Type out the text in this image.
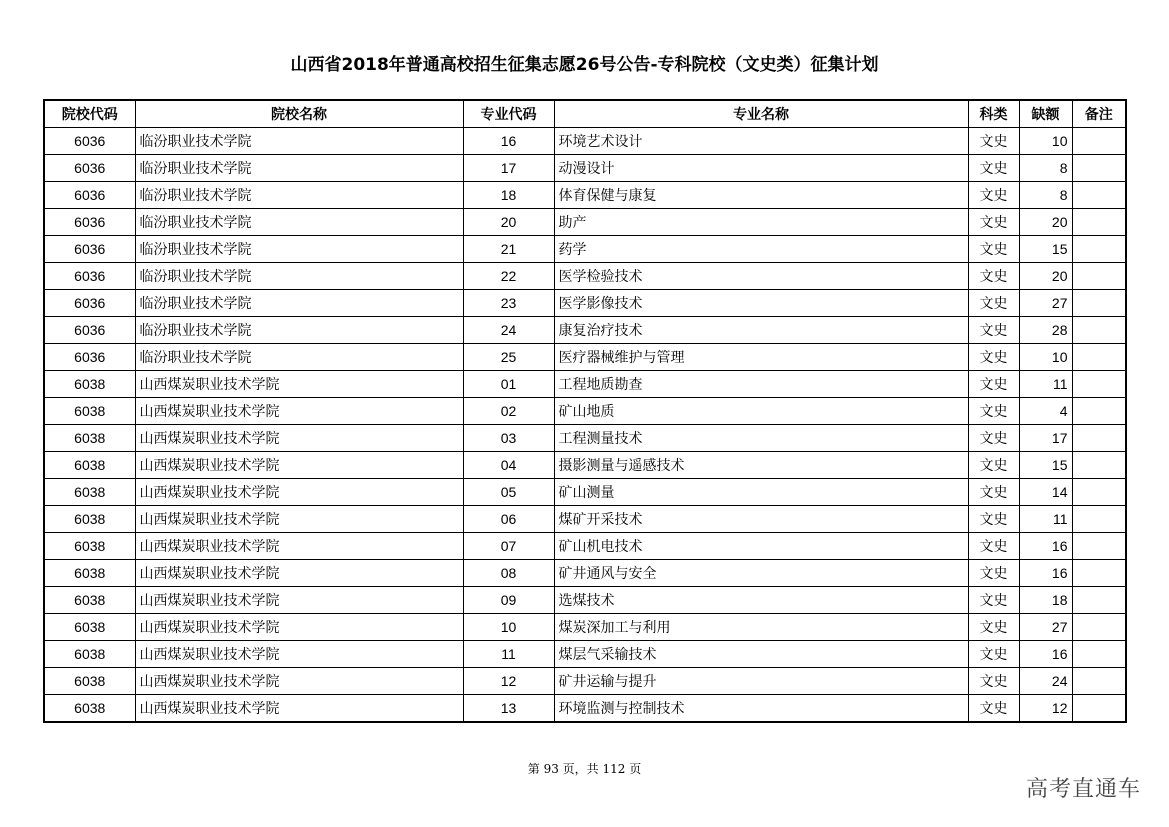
山西省2018年普通高校招生征集志愿26号公告-专科院校（文史类）征集计划
院校代码	院校名称	专业代码	专业名称	科类	缺额	备注
6036	临汾职业技术学院	16	环境艺术设计	文史	10	
6036	临汾职业技术学院	17	动漫设计	文史	8	
6036	临汾职业技术学院	18	体育保健与康复	文史	8	
6036	临汾职业技术学院	20	助产	文史	20	
6036	临汾职业技术学院	21	药学	文史	15	
6036	临汾职业技术学院	22	医学检验技术	文史	20	
6036	临汾职业技术学院	23	医学影像技术	文史	27	
6036	临汾职业技术学院	24	康复治疗技术	文史	28	
6036	临汾职业技术学院	25	医疗器械维护与管理	文史	10	
6038	山西煤炭职业技术学院	01	工程地质勘查	文史	11	
6038	山西煤炭职业技术学院	02	矿山地质	文史	4	
6038	山西煤炭职业技术学院	03	工程测量技术	文史	17	
6038	山西煤炭职业技术学院	04	摄影测量与遥感技术	文史	15	
6038	山西煤炭职业技术学院	05	矿山测量	文史	14	
6038	山西煤炭职业技术学院	06	煤矿开采技术	文史	11	
6038	山西煤炭职业技术学院	07	矿山机电技术	文史	16	
6038	山西煤炭职业技术学院	08	矿井通风与安全	文史	16	
6038	山西煤炭职业技术学院	09	选煤技术	文史	18	
6038	山西煤炭职业技术学院	10	煤炭深加工与利用	文史	27	
6038	山西煤炭职业技术学院	11	煤层气采输技术	文史	16	
6038	山西煤炭职业技术学院	12	矿井运输与提升	文史	24	
6038	山西煤炭职业技术学院	13	环境监测与控制技术	文史	12	
第 93 页，共 112 页
高考直通车
